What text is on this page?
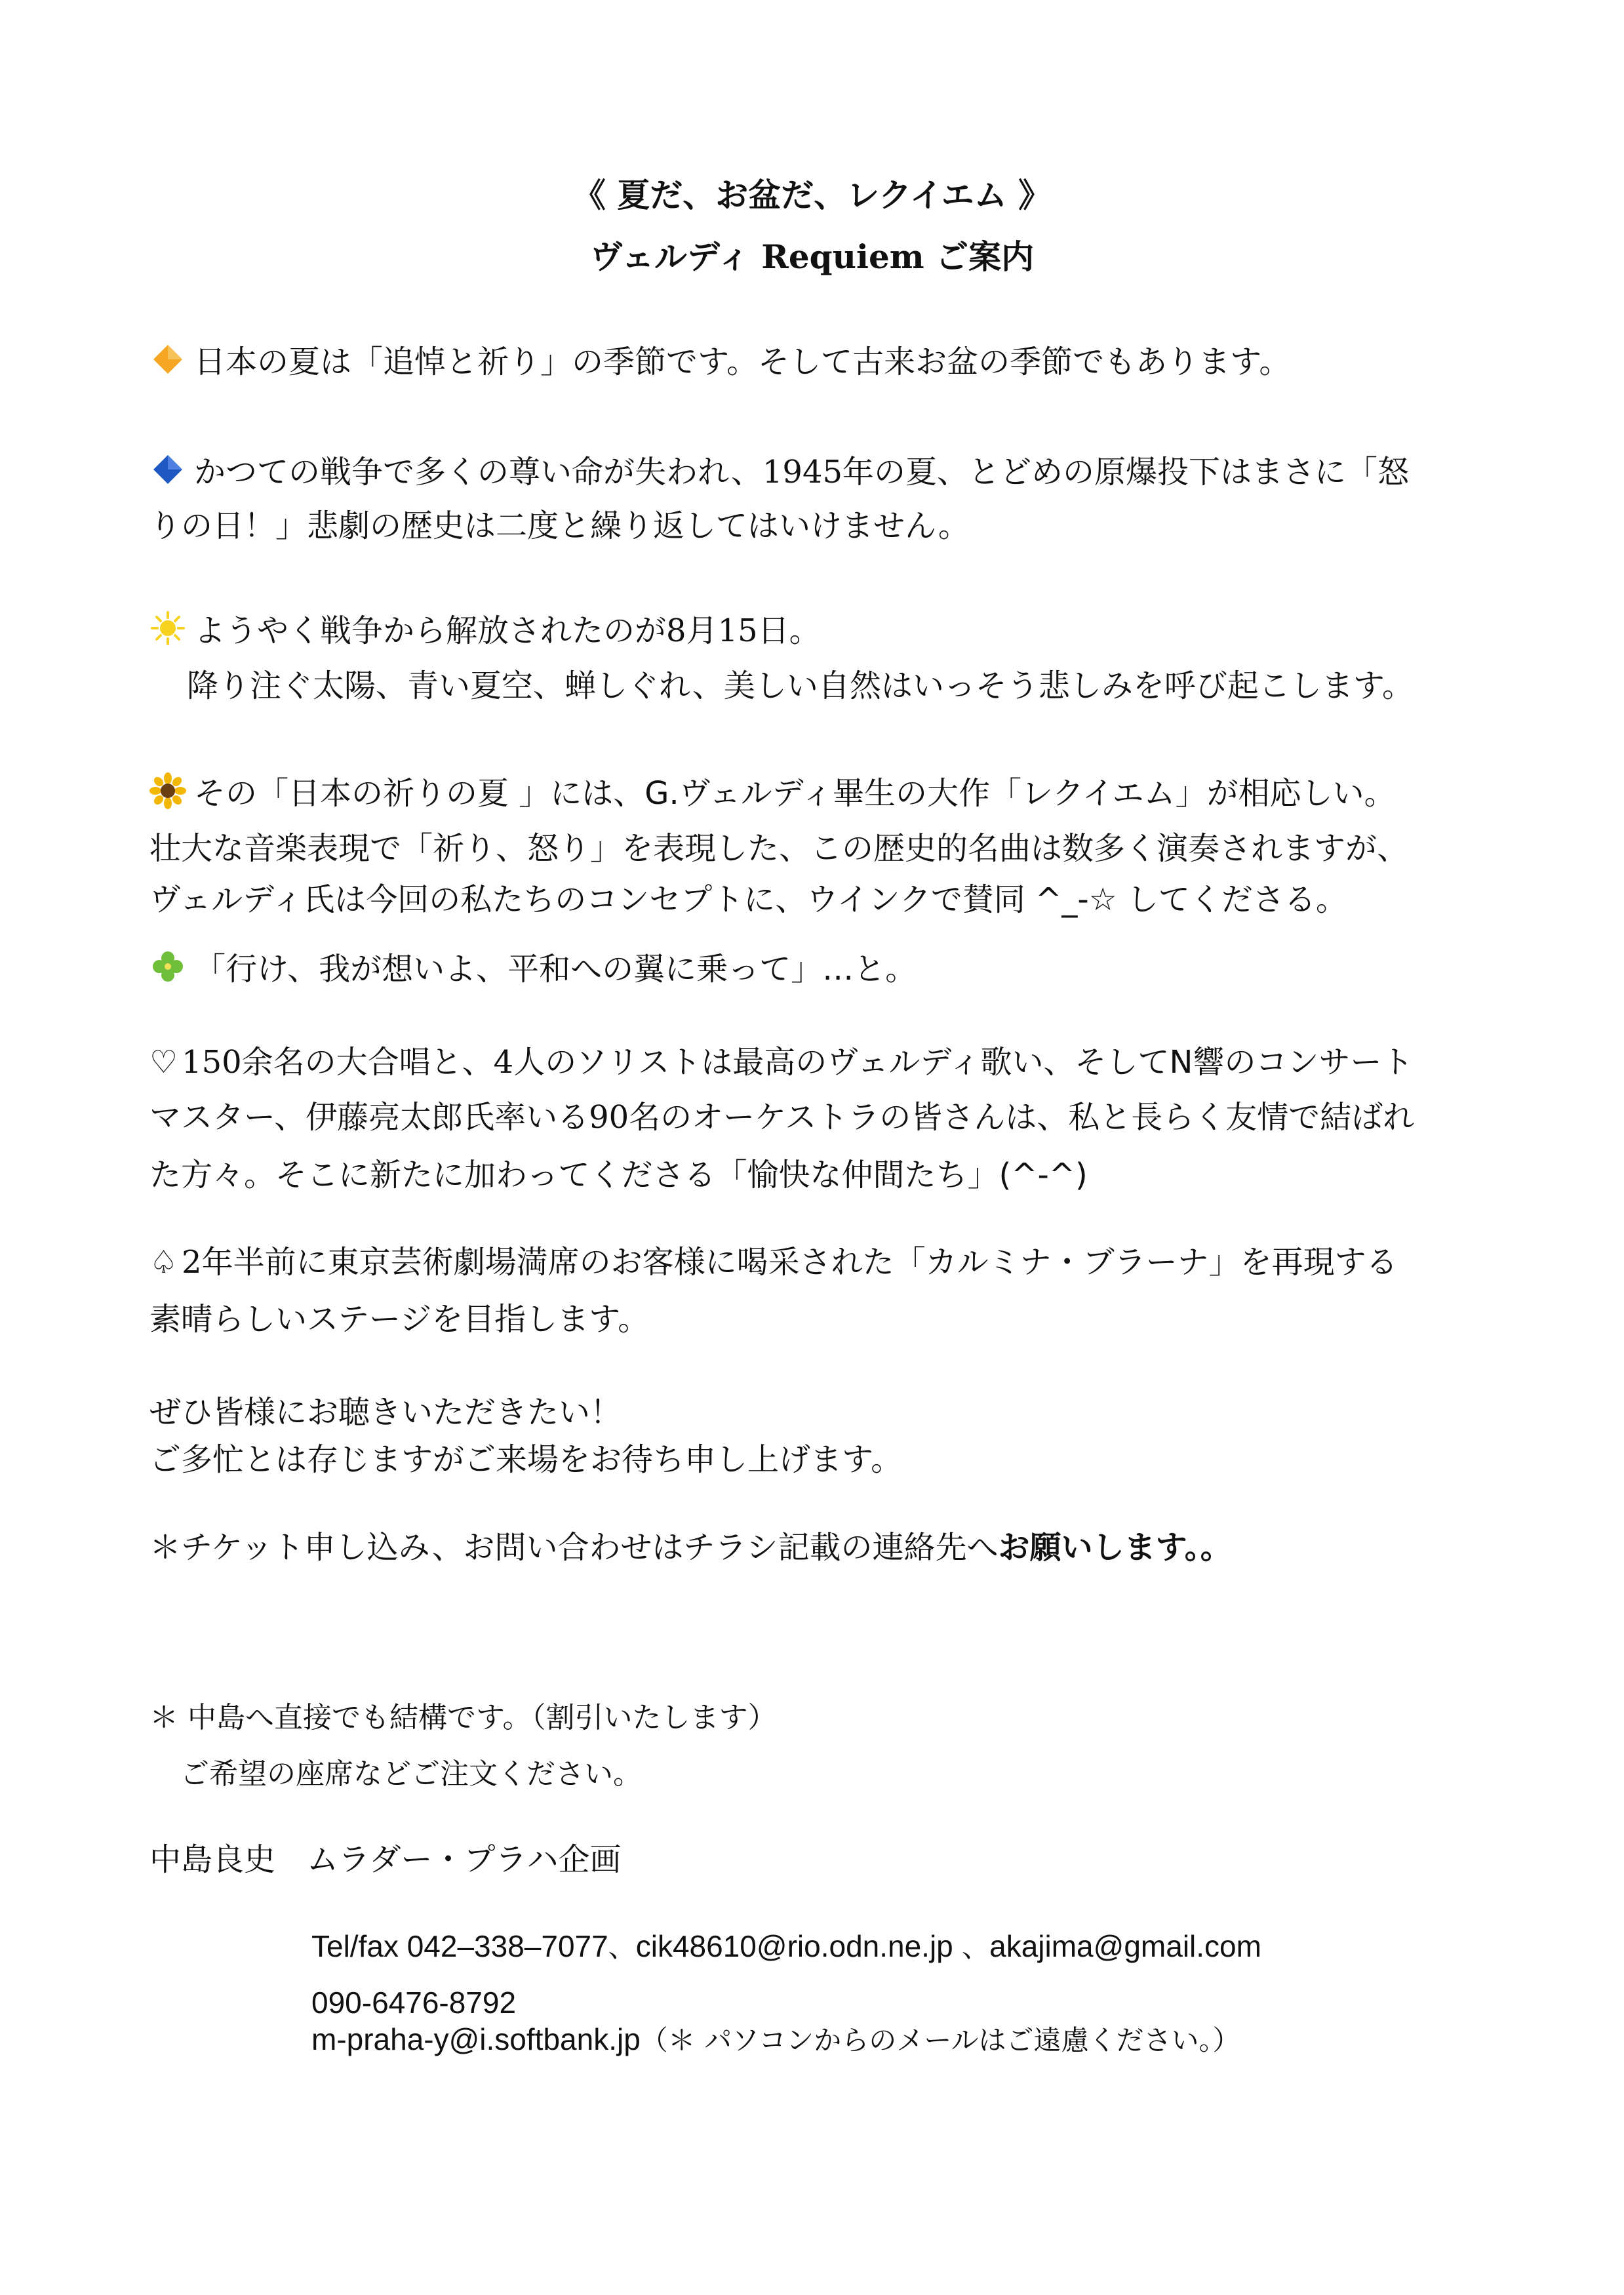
《 夏だ、お盆だ、レクイエム 》
ヴェルディ Requiem ご案内
日本の夏は「追悼と祈り」の季節です。そして古来お盆の季節でもあります。
かつての戦争で多くの尊い命が失われ、1945年の夏、とどめの原爆投下はまさに「怒
りの日！」悲劇の歴史は二度と繰り返してはいけません。
ようやく戦争から解放されたのが8月15日。
降り注ぐ太陽、青い夏空、蝉しぐれ、美しい自然はいっそう悲しみを呼び起こします。
その「日本の祈りの夏 」には、G.ヴェルディ畢生の大作「レクイエム」が相応しい。
壮大な音楽表現で「祈り、怒り」を表現した、この歴史的名曲は数多く演奏されますが、
ヴェルディ氏は今回の私たちのコンセプトに、ウインクで賛同 ^_-☆ してくださる。
「行け、我が想いよ、平和への翼に乗って」…と。
♡ 150余名の大合唱と、4人のソリストは最高のヴェルディ歌い、そしてN響のコンサート
マスター、伊藤亮太郎氏率いる90名のオーケストラの皆さんは、私と長らく友情で結ばれ
た方々。そこに新たに加わってくださる「愉快な仲間たち」(^-^)
♤ 2年半前に東京芸術劇場満席のお客様に喝采された「カルミナ・ブラーナ」を再現する
素晴らしいステージを目指します。
ぜひ皆様にお聴きいただきたい！
ご多忙とは存じますがご来場をお待ち申し上げます。
＊チケット申し込み、お問い合わせはチラシ記載の連絡先へお願いします。。
＊ 中島へ直接でも結構です。（割引いたします）
ご希望の座席などご注文ください。
中島良史　ムラダー・プラハ企画
Tel/fax 042–338–7077、cik48610@rio.odn.ne.jp 、akajima@gmail.com
090-6476-8792
m-praha-y@i.softbank.jp（＊ パソコンからのメールはご遠慮ください。）
